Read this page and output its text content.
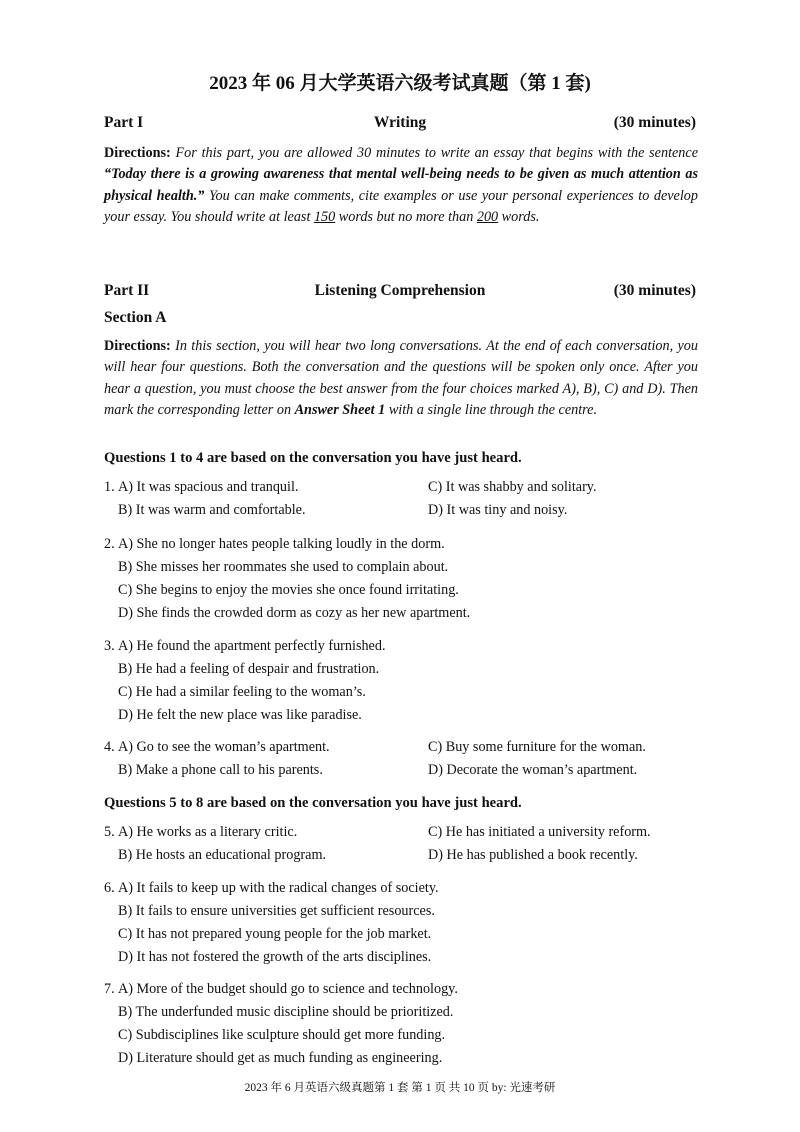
2023 年 06 月大学英语六级考试真题（第 1 套)
Part I	Writing	(30 minutes)
Directions: For this part, you are allowed 30 minutes to write an essay that begins with the sentence “Today there is a growing awareness that mental well-being needs to be given as much attention as physical health.” You can make comments, cite examples or use your personal experiences to develop your essay. You should write at least 150 words but no more than 200 words.
Part II	Listening Comprehension	(30 minutes)
Section A
Directions: In this section, you will hear two long conversations. At the end of each conversation, you will hear four questions. Both the conversation and the questions will be spoken only once. After you hear a question, you must choose the best answer from the four choices marked A), B), C) and D). Then mark the corresponding letter on Answer Sheet 1 with a single line through the centre.
Questions 1 to 4 are based on the conversation you have just heard.
1. A) It was spacious and tranquil.	C) It was shabby and solitary.
B) It was warm and comfortable.	D) It was tiny and noisy.
2. A) She no longer hates people talking loudly in the dorm.
B) She misses her roommates she used to complain about.
C) She begins to enjoy the movies she once found irritating.
D) She finds the crowded dorm as cozy as her new apartment.
3. A) He found the apartment perfectly furnished.
B) He had a feeling of despair and frustration.
C) He had a similar feeling to the woman’s.
D) He felt the new place was like paradise.
4. A) Go to see the woman’s apartment.	C) Buy some furniture for the woman.
B) Make a phone call to his parents.	D) Decorate the woman’s apartment.
Questions 5 to 8 are based on the conversation you have just heard.
5. A) He works as a literary critic.	C) He has initiated a university reform.
B) He hosts an educational program.	D) He has published a book recently.
6. A) It fails to keep up with the radical changes of society.
B) It fails to ensure universities get sufficient resources.
C) It has not prepared young people for the job market.
D) It has not fostered the growth of the arts disciplines.
7. A) More of the budget should go to science and technology.
B) The underfunded music discipline should be prioritized.
C) Subdisciplines like sculpture should get more funding.
D) Literature should get as much funding as engineering.
2023 年 6 月英语六级真题第 1 套 第 1 页 共 10 页 by: 光速考研
